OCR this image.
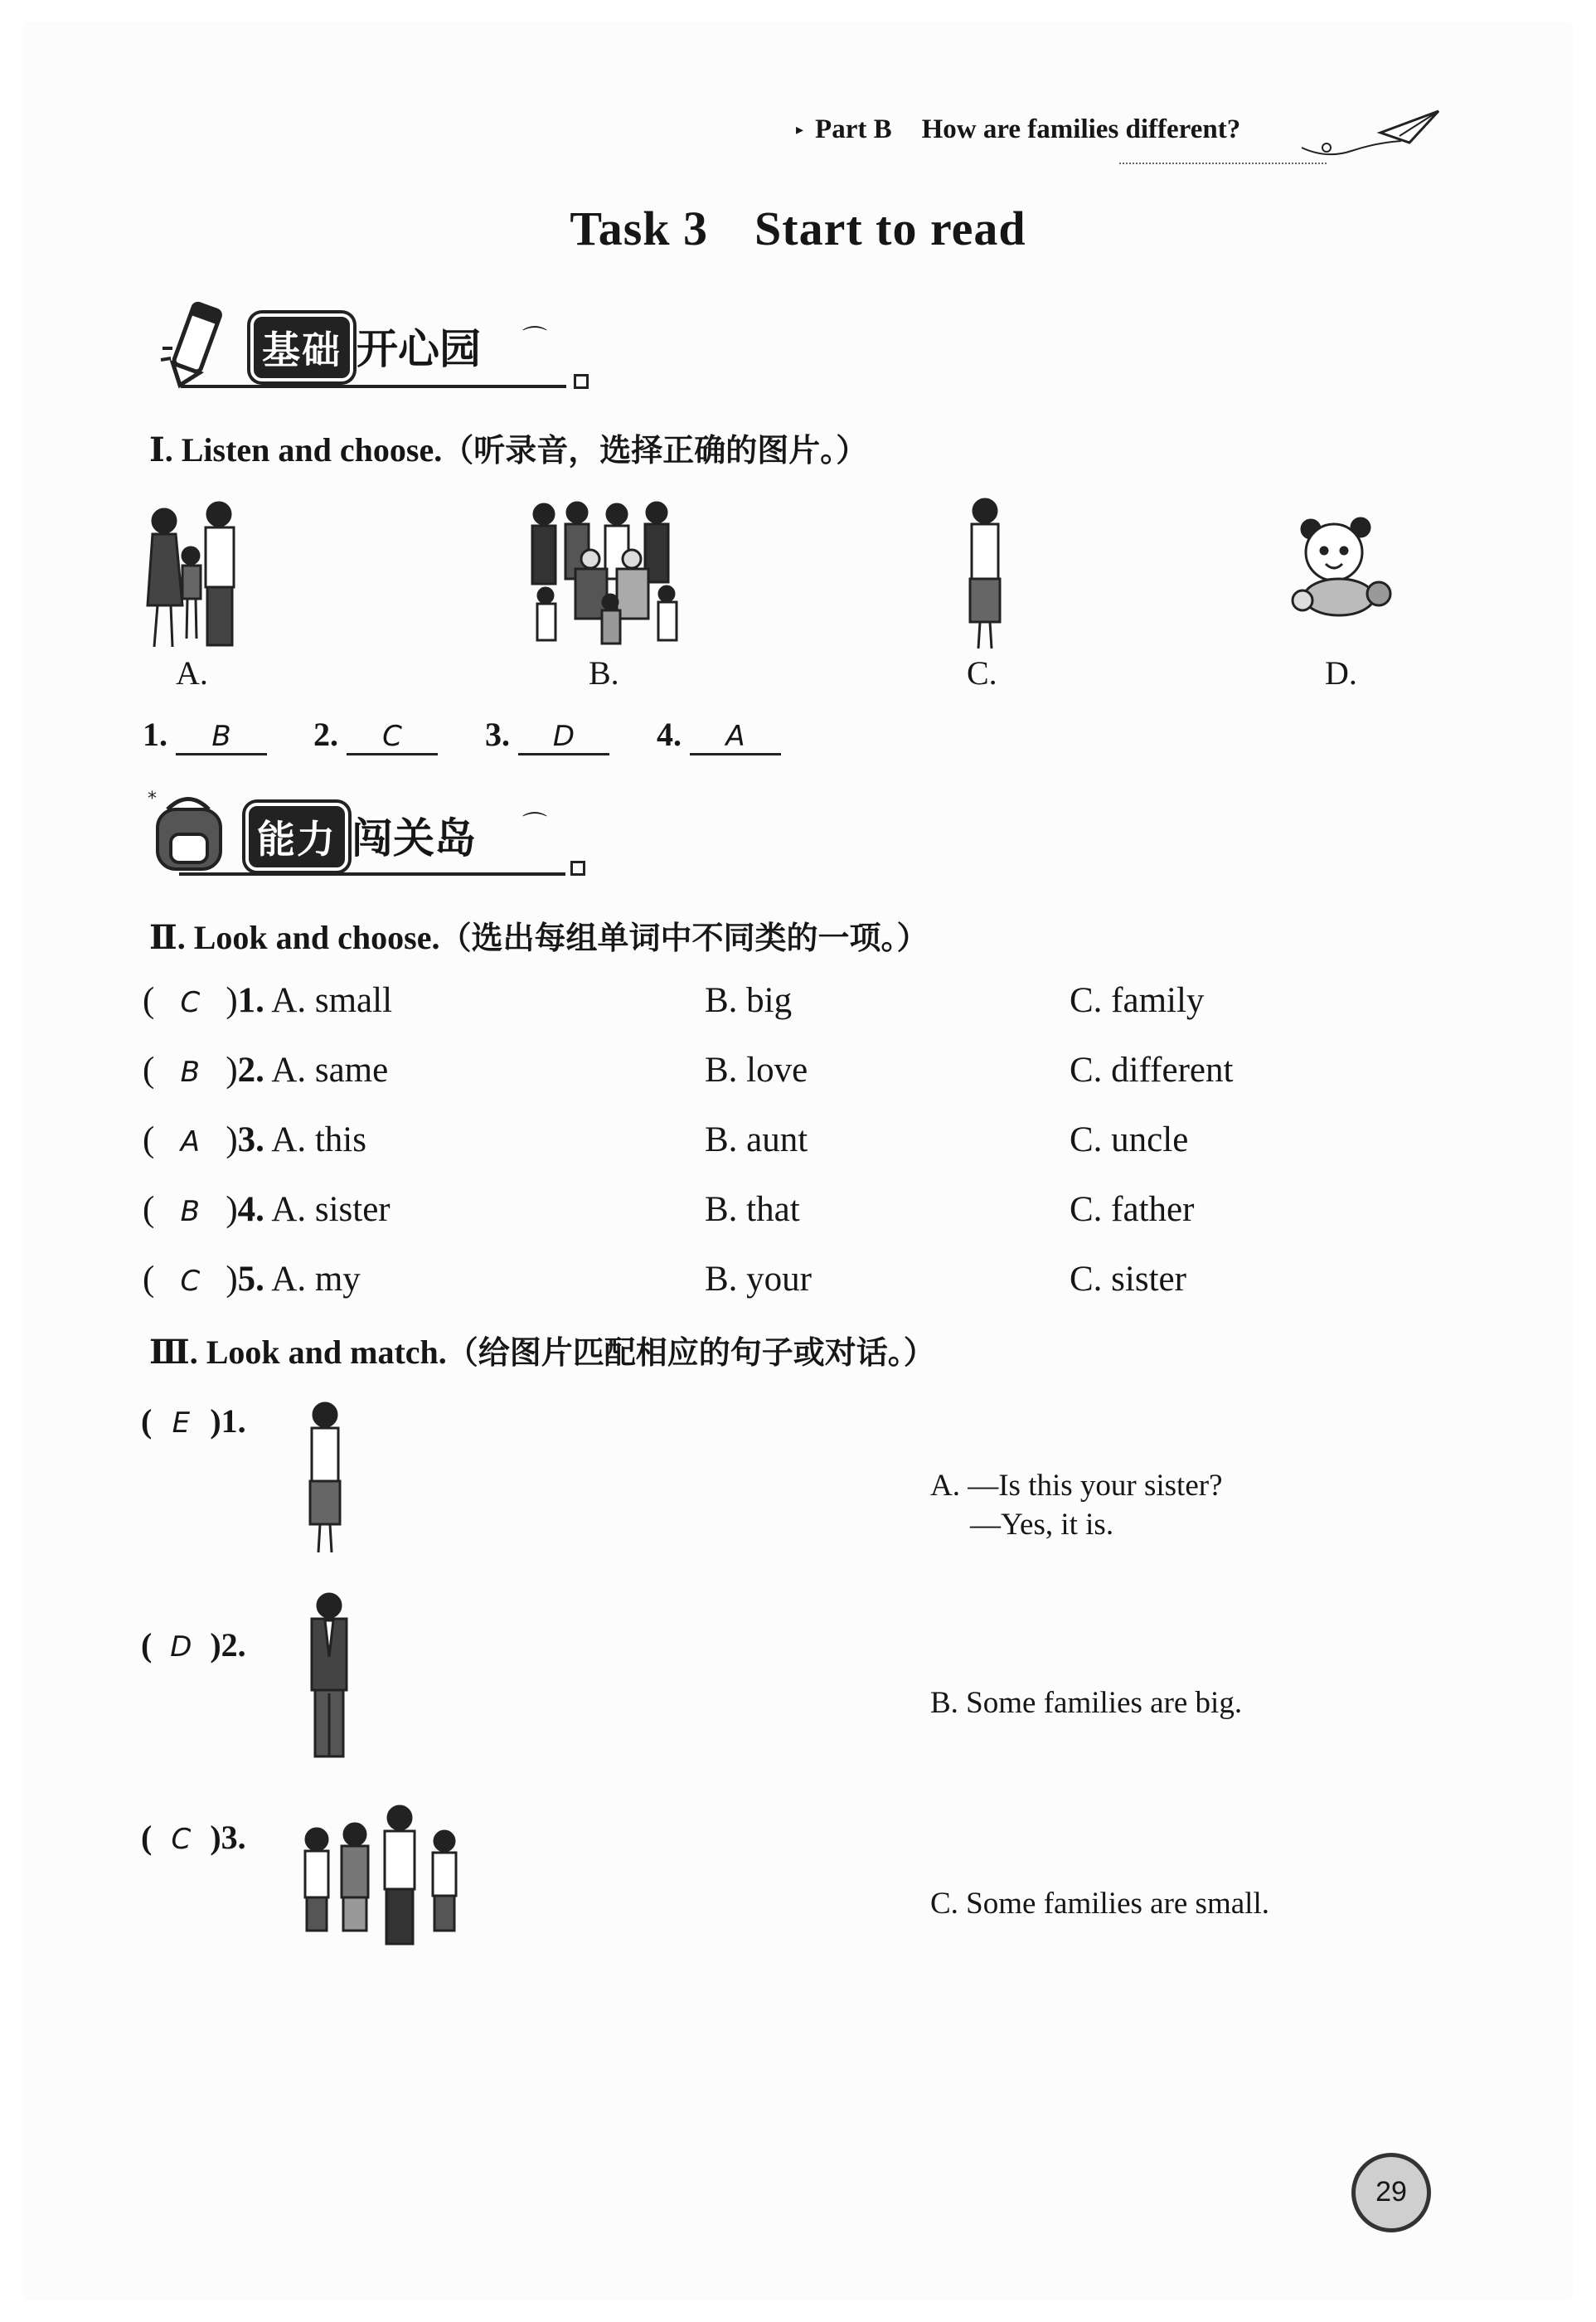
▸ Part B How are families different?
Task 3 Start to read
基础 开心园 ⌒
Ⅰ. Listen and choose.（听录音，选择正确的图片。）
A.	B.	C.	D.
1. B	2. C	3. D	4. A
*
能力 闯关岛 ⌒
Ⅱ. Look and choose.（选出每组单词中不同类的一项。）
( C )1. A. small	B. big	C. family
( B )2. A. same	B. love	C. different
( A )3. A. this	B. aunt	C. uncle
( B )4. A. sister	B. that	C. father
( C )5. A. my	B. your	C. sister
Ⅲ. Look and match.（给图片匹配相应的句子或对话。）
( E )1.
( D )2.
( C )3.
A. —Is this your sister?
—Yes, it is.
B. Some families are big.
C. Some families are small.
29
